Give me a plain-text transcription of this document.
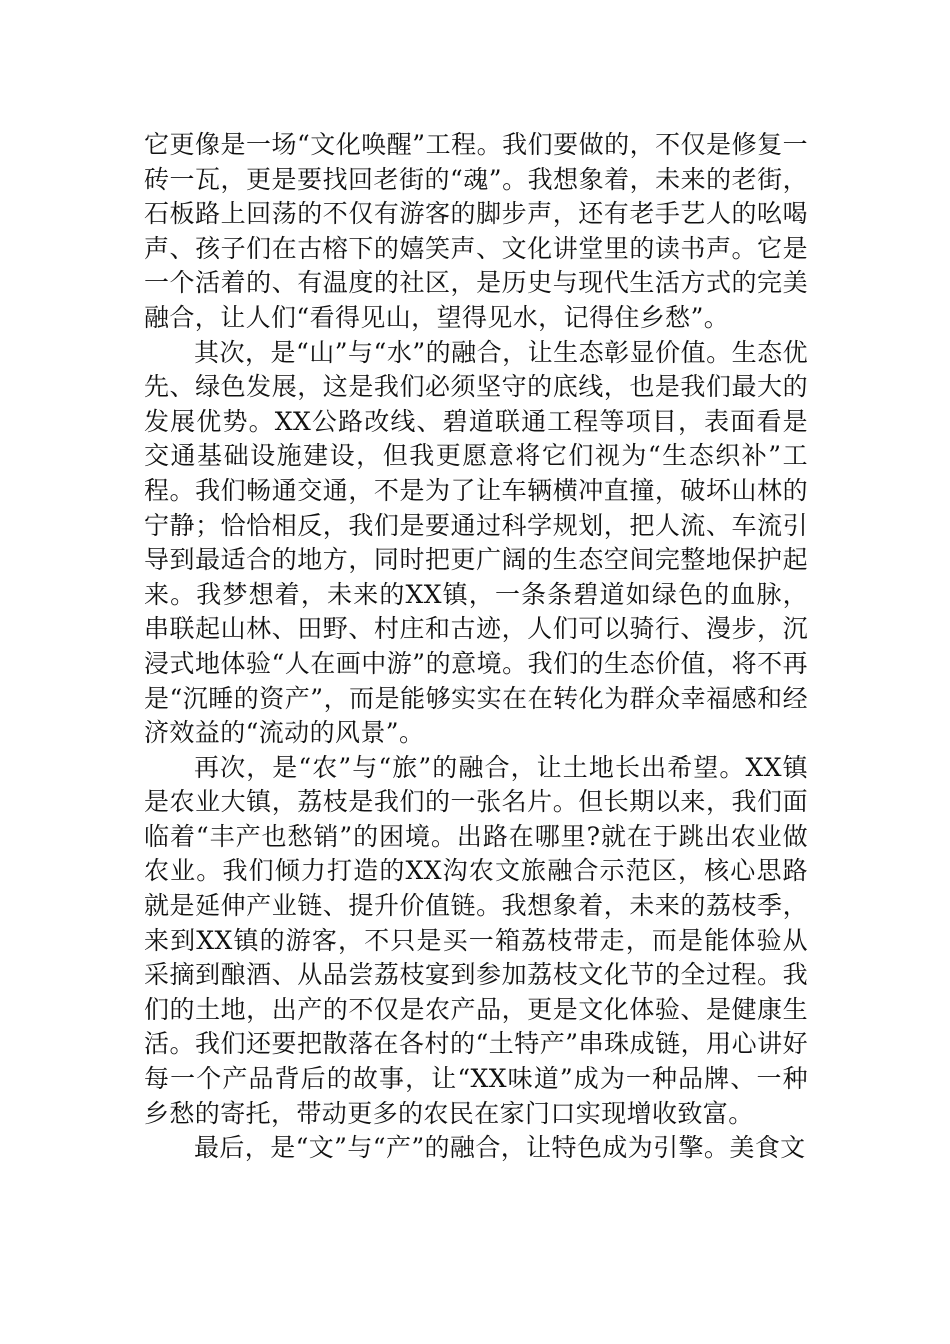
它更像是一场“文化唤醒”工程。我们要做的，不仅是修复一砖一瓦，更是要找回老街的“魂”。我想象着，未来的老街，石板路上回荡的不仅有游客的脚步声，还有老手艺人的吆喝声、孩子们在古榕下的嬉笑声、文化讲堂里的读书声。它是一个活着的、有温度的社区，是历史与现代生活方式的完美融合，让人们“看得见山，望得见水，记得住乡愁”。

其次，是“山”与“水”的融合，让生态彰显价值。生态优先、绿色发展，这是我们必须坚守的底线，也是我们最大的发展优势。XX公路改线、碧道联通工程等项目，表面看是交通基础设施建设，但我更愿意将它们视为“生态织补”工程。我们畅通交通，不是为了让车辆横冲直撞，破坏山林的宁静；恰恰相反，我们是要通过科学规划，把人流、车流引导到最适合的地方，同时把更广阔的生态空间完整地保护起来。我梦想着，未来的XX镇，一条条碧道如绿色的血脉，串联起山林、田野、村庄和古迹，人们可以骑行、漫步，沉浸式地体验“人在画中游”的意境。我们的生态价值，将不再是“沉睡的资产”，而是能够实实在在转化为群众幸福感和经济效益的“流动的风景”。

再次，是“农”与“旅”的融合，让土地长出希望。XX镇是农业大镇，荔枝是我们的一张名片。但长期以来，我们面临着“丰产也愁销”的困境。出路在哪里?就在于跳出农业做农业。我们倾力打造的XX沟农文旅融合示范区，核心思路就是延伸产业链、提升价值链。我想象着，未来的荔枝季，来到XX镇的游客，不只是买一箱荔枝带走，而是能体验从采摘到酿酒、从品尝荔枝宴到参加荔枝文化节的全过程。我们的土地，出产的不仅是农产品，更是文化体验、是健康生活。我们还要把散落在各村的“土特产”串珠成链，用心讲好每一个产品背后的故事，让“XX味道”成为一种品牌、一种乡愁的寄托，带动更多的农民在家门口实现增收致富。

最后，是“文”与“产”的融合，让特色成为引擎。美食文
